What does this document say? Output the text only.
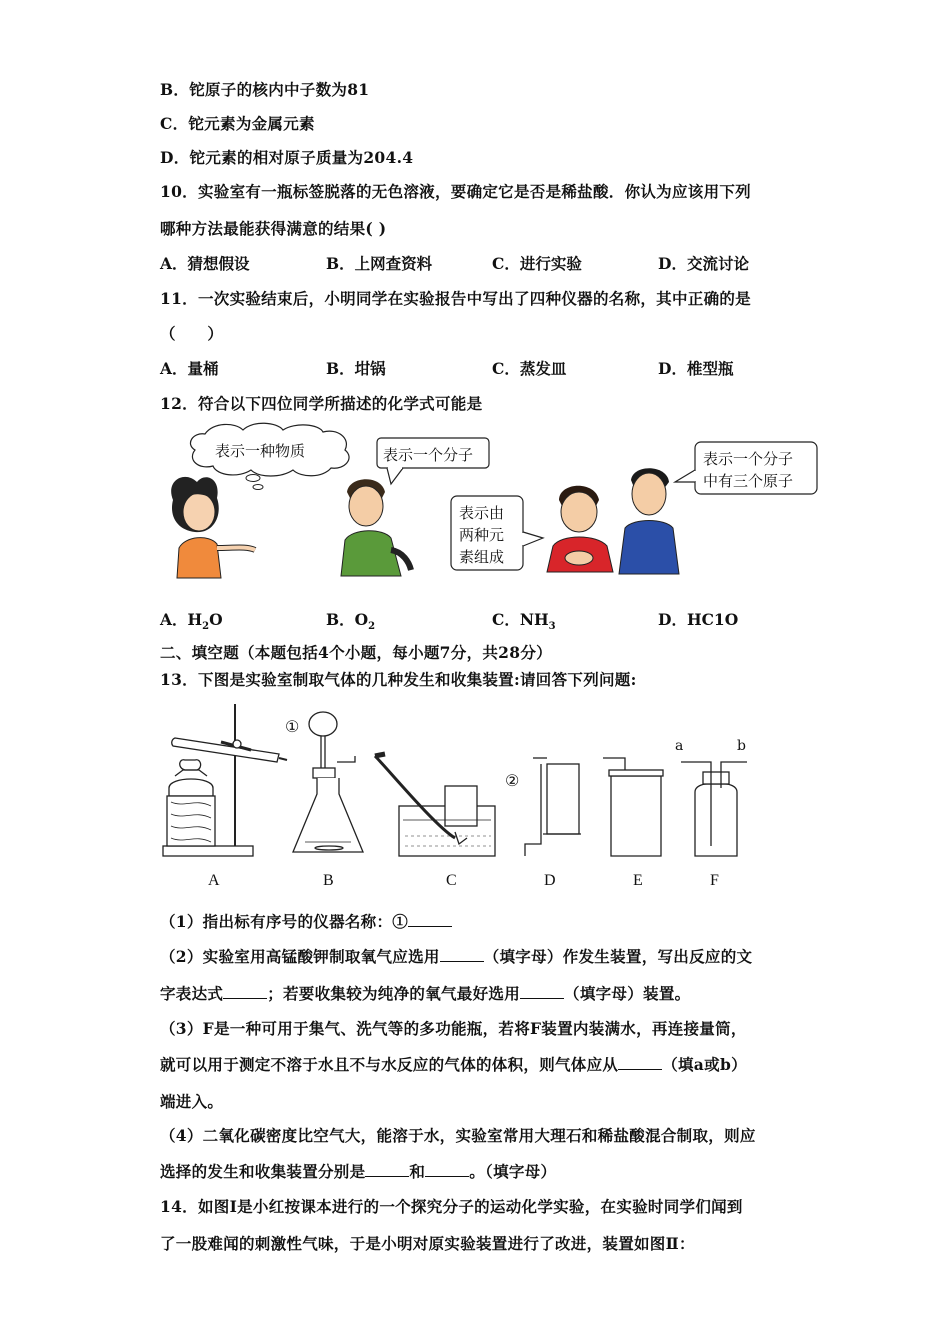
B．铊原子的核内中子数为81
C．铊元素为金属元素
D．铊元素的相对原子质量为204.4
10．实验室有一瓶标签脱落的无色溶液，要确定它是否是稀盐酸．你认为应该用下列
哪种方法最能获得满意的结果( )
A．猜想假设	B．上网查资料	C．进行实验	D．交流讨论
11．一次实验结束后，小明同学在实验报告中写出了四种仪器的名称，其中正确的是
（　　）
A．量桶	B．坩锅	C．蒸发皿	D．椎型瓶
12．符合以下四位同学所描述的化学式可能是
表示一种物质	表示一个分子
表示由
两种元
素组成
表示一个分子
中有三个原子
A．$H_2O$	B．$O_2$	C．$NH_3$	D．HC1O
二、填空题（本题包括4个小题，每小题7分，共28分）
13．下图是实验室制取气体的几种发生和收集装置:请回答下列问题:
①
②
a	b
A	B	C	D	E	F
（1）指出标有序号的仪器名称：①
（2）实验室用高锰酸钾制取氧气应选用	（填字母）作发生装置，写出反应的文
字表达式	；若要收集较为纯净的氧气最好选用	（填字母）装置。
（3）F是一种可用于集气、洗气等的多功能瓶，若将F装置内装满水，再连接量筒，
就可以用于测定不溶于水且不与水反应的气体的体积，则气体应从	（填a或b）
端进入。
（4）二氧化碳密度比空气大，能溶于水，实验室常用大理石和稀盐酸混合制取，则应
选择的发生和收集装置分别是	和	。（填字母）
14．如图Ⅰ是小红按课本进行的一个探究分子的运动化学实验，在实验时同学们闻到
了一股难闻的刺激性气味，于是小明对原实验装置进行了改进，装置如图Ⅱ：
